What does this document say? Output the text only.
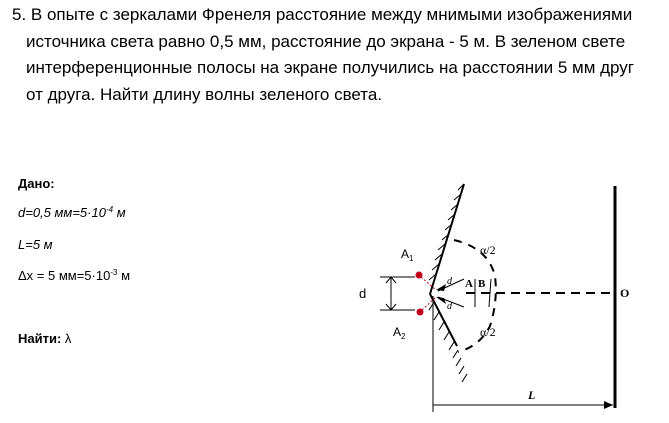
5. В опыте с зеркалами Френеля расстояние между мнимыми изображениями
источника света равно 0,5 мм, расстояние до экрана - 5 м. В зеленом свете
интерференционные полосы на экране получились на расстоянии 5 мм друг
от друга. Найти длину волны зеленого света.
Дано:
d=0,5 $мм=5\cdot 10^{-4}$ м
L=5 м
Δx = 5 $мм=5\cdot 10^{-3}$ м
Найти: λ
$A_1$
$A_2$
d
α/2
α/2
A B
O
L
d
d
